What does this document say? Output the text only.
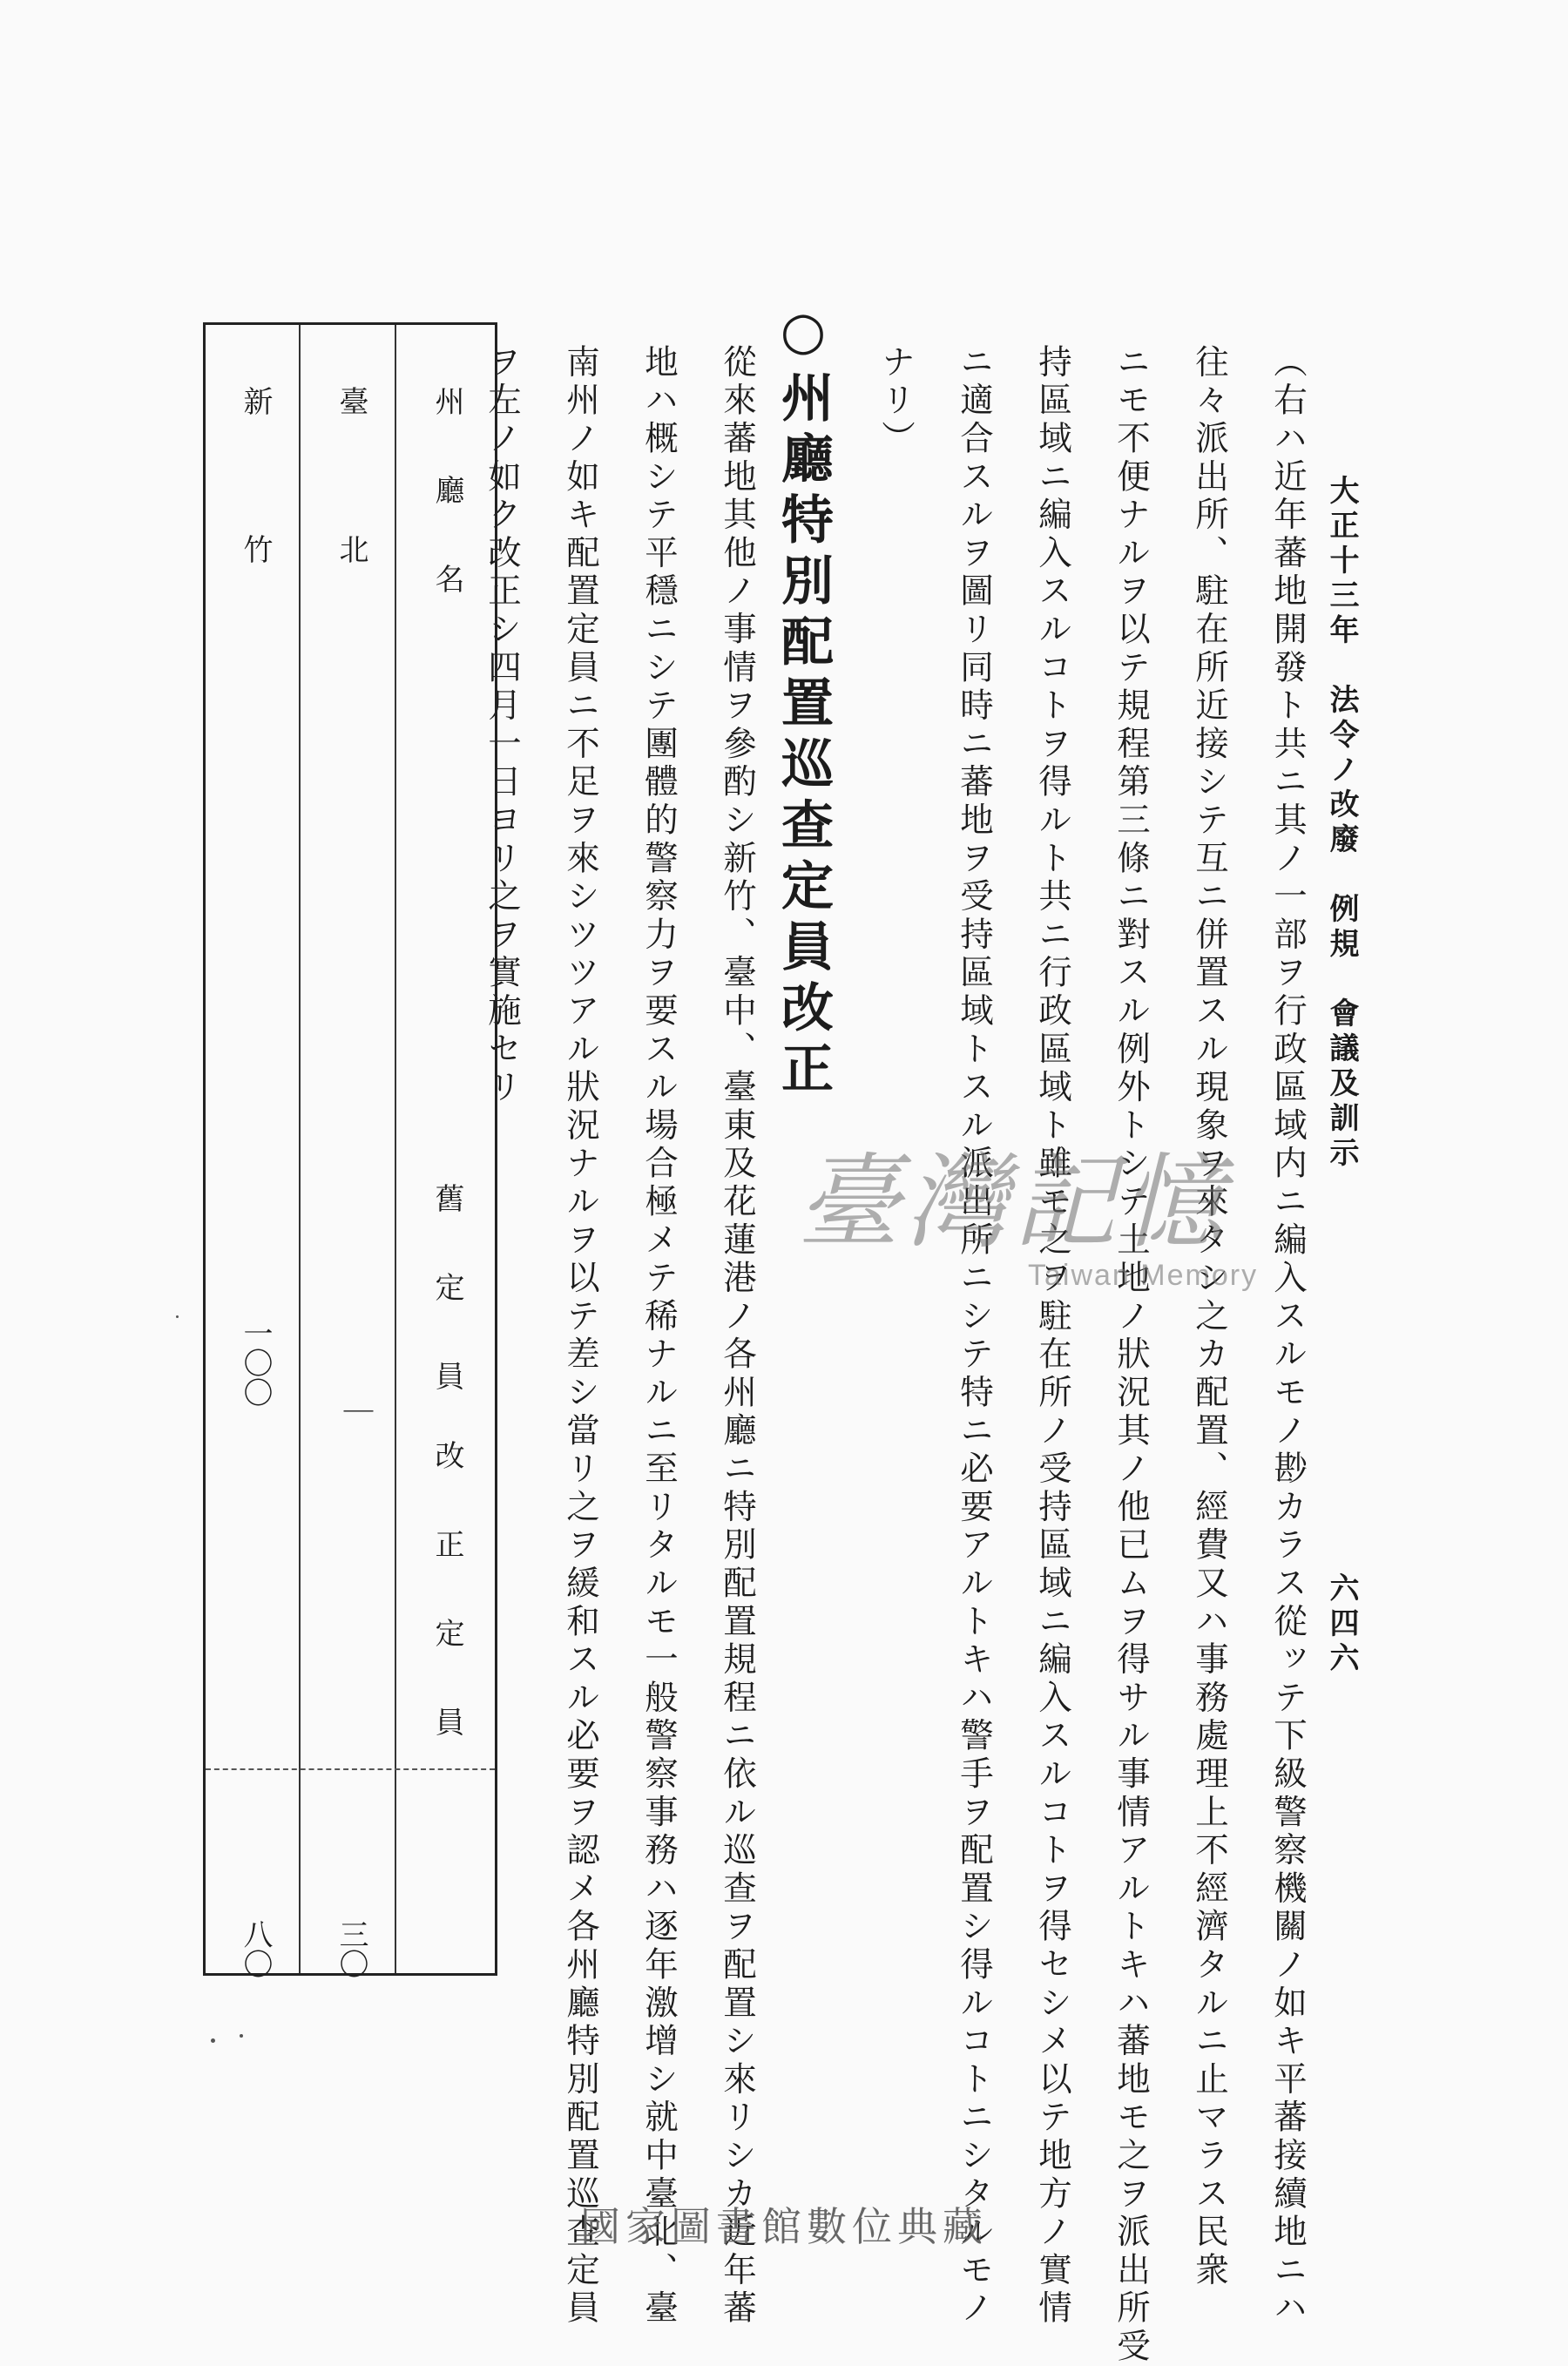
大正十三年　法令ノ改廢　例規　會議及訓示
六四六
（右ハ近年蕃地開發ト共ニ其ノ一部ヲ行政區域内ニ編入スルモノ尠カラス從ッテ下級警察機關ノ如キ平蕃接續地ニハ
往々派出所、駐在所近接シテ互ニ併置スル現象ヲ來タシ之カ配置、經費又ハ事務處理上不經濟タルニ止マラス民衆
ニモ不便ナルヲ以テ規程第三條ニ對スル例外トシテ土地ノ狀況其ノ他已ムヲ得サル事情アルトキハ蕃地モ之ヲ派出所受
持區域ニ編入スルコトヲ得ルト共ニ行政區域ト雖モ之ヲ駐在所ノ受持區域ニ編入スルコトヲ得セシメ以テ地方ノ實情
ニ適合スルヲ圖リ同時ニ蕃地ヲ受持區域トスル派出所ニシテ特ニ必要アルトキハ警手ヲ配置シ得ルコトニシタルモノ
ナリ）
○州廳特別配置巡查定員改正
從來蕃地其他ノ事情ヲ參酌シ新竹、臺中、臺東及花蓮港ノ各州廳ニ特別配置規程ニ依ル巡查ヲ配置シ來リシカ近年蕃
地ハ概シテ平穩ニシテ團體的警察力ヲ要スル場合極メテ稀ナルニ至リタルモ一般警察事務ハ逐年激增シ就中臺北、臺
南州ノ如キ配置定員ニ不足ヲ來シツツアル狀況ナルヲ以テ差シ當リ之ヲ緩和スル必要ヲ認メ各州廳特別配置巡查定員
ヲ左ノ如ク改正シ四月一日ヨリ之ヲ實施セリ
州　　廳　　名
舊　　定　　員
改　　正　　定　　員
臺　　　　北
｜
三〇
新　　　　竹
一〇〇
八〇
臺灣記憶
Taiwan Memory
國家圖書館數位典藏
